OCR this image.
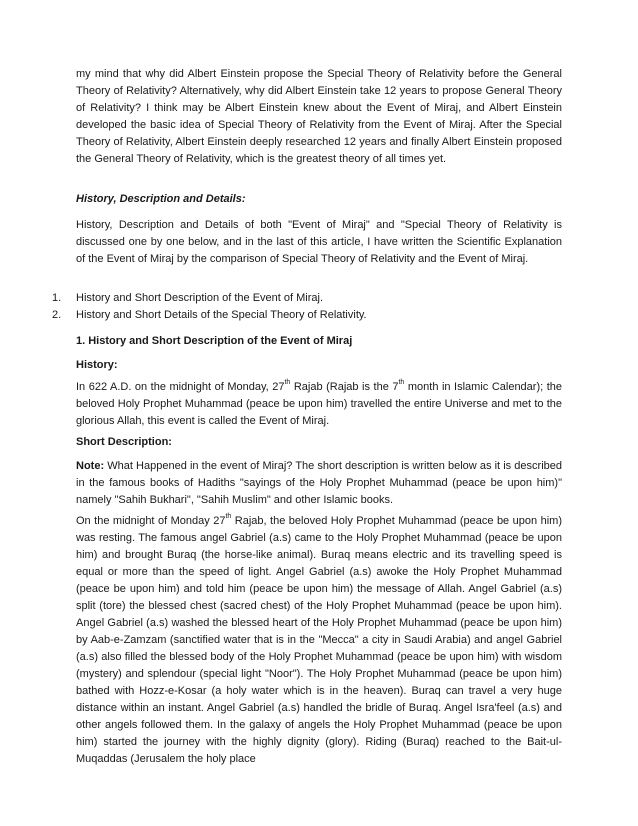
my mind that why did Albert Einstein propose the Special Theory of Relativity before the General Theory of Relativity? Alternatively, why did Albert Einstein take 12 years to propose General Theory of Relativity? I think may be Albert Einstein knew about the Event of Miraj, and Albert Einstein developed the basic idea of Special Theory of Relativity from the Event of Miraj. After the Special Theory of Relativity, Albert Einstein deeply researched 12 years and finally Albert Einstein proposed the General Theory of Relativity, which is the greatest theory of all times yet.

History, Description and Details:

History, Description and Details of both "Event of Miraj" and "Special Theory of Relativity is discussed one by one below, and in the last of this article, I have written the Scientific Explanation of the Event of Miraj by the comparison of Special Theory of Relativity and the Event of Miraj.

1.	History and Short Description of the Event of Miraj.
2.	History and Short Details of the Special Theory of Relativity.

1. History and Short Description of the Event of Miraj

History:

In 622 A.D. on the midnight of Monday, 27th Rajab (Rajab is the 7th month in Islamic Calendar); the beloved Holy Prophet Muhammad (peace be upon him) travelled the entire Universe and met to the glorious Allah, this event is called the Event of Miraj.

Short Description:

Note: What Happened in the event of Miraj? The short description is written below as it is described in the famous books of Hadiths "sayings of the Holy Prophet Muhammad (peace be upon him)" namely "Sahih Bukhari", "Sahih Muslim" and other Islamic books.

On the midnight of Monday 27th Rajab, the beloved Holy Prophet Muhammad (peace be upon him) was resting. The famous angel Gabriel (a.s) came to the Holy Prophet Muhammad (peace be upon him) and brought Buraq (the horse-like animal). Buraq means electric and its travelling speed is equal or more than the speed of light. Angel Gabriel (a.s) awoke the Holy Prophet Muhammad (peace be upon him) and told him (peace be upon him) the message of Allah. Angel Gabriel (a.s) split (tore) the blessed chest (sacred chest) of the Holy Prophet Muhammad (peace be upon him). Angel Gabriel (a.s) washed the blessed heart of the Holy Prophet Muhammad (peace be upon him) by Aab-e-Zamzam (sanctified water that is in the "Mecca" a city in Saudi Arabia) and angel Gabriel (a.s) also filled the blessed body of the Holy Prophet Muhammad (peace be upon him) with wisdom (mystery) and splendour (special light "Noor"). The Holy Prophet Muhammad (peace be upon him) bathed with Hozz-e-Kosar (a holy water which is in the heaven). Buraq can travel a very huge distance within an instant. Angel Gabriel (a.s) handled the bridle of Buraq. Angel Isra'feel (a.s) and other angels followed them. In the galaxy of angels the Holy Prophet Muhammad (peace be upon him) started the journey with the highly dignity (glory). Riding (Buraq) reached to the Bait-ul-Muqaddas (Jerusalem the holy place
